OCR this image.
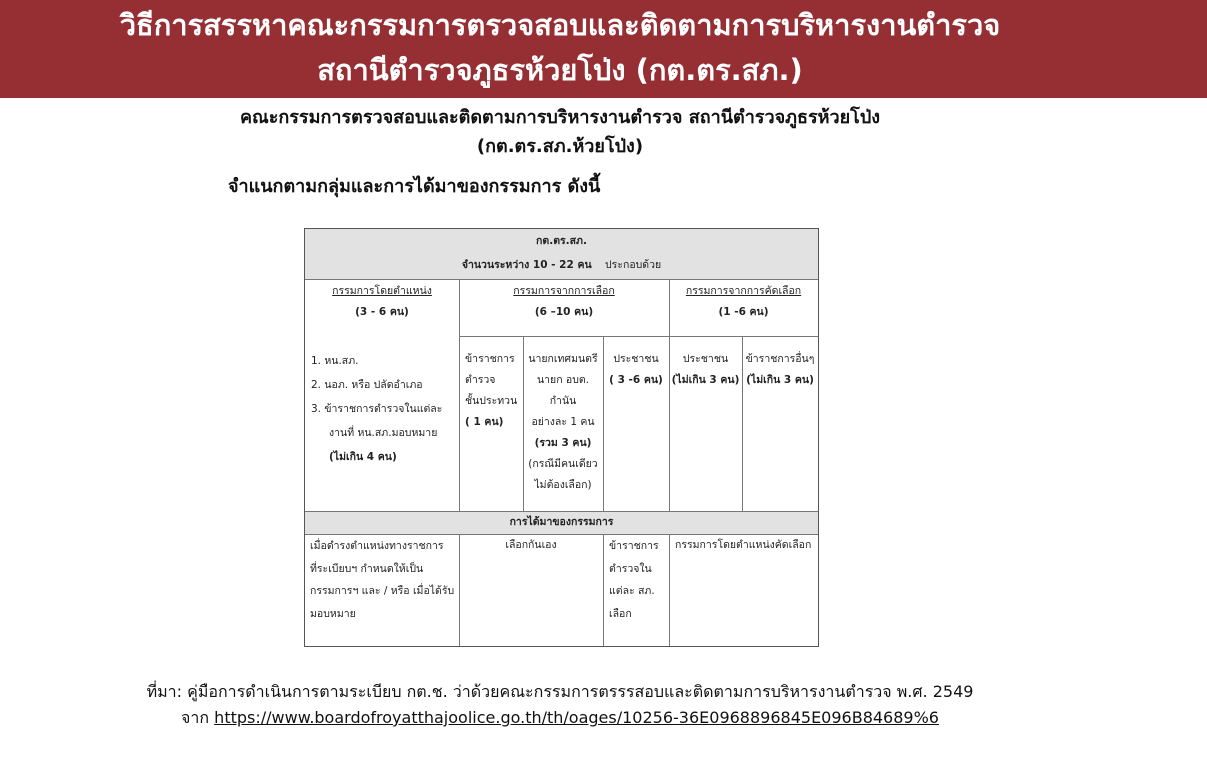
วิธีการสรรหาคณะกรรมการตรวจสอบและติดตามการบริหารงานตำรวจ
สถานีตำรวจภูธรห้วยโป่ง (กต.ตร.สภ.)
คณะกรรมการตรวจสอบและติดตามการบริหารงานตำรวจ สถานีตำรวจภูธรห้วยโป่ง
(กต.ตร.สภ.ห้วยโป่ง)
จำแนกตามกลุ่มและการได้มาของกรรมการ ดังนี้
กต.ตร.สภ.
จำนวนระหว่าง 10 - 22 คน ประกอบด้วย
กรรมการโดยตำแหน่ง
(3 - 6 คน)
กรรมการจากการเลือก
(6 –10 คน)
กรรมการจากการคัดเลือก
(1 -6 คน)
1. หน.สภ.
2. นอภ. หรือ ปลัดอำเภอ
3. ข้าราชการตำรวจในแต่ละ
งานที่ หน.สภ.มอบหมาย
(ไม่เกิน 4 คน)
ข้าราชการ
ตำรวจ
ชั้นประทวน
( 1 คน)
นายกเทศมนตรี
นายก อบต.
กำนัน
อย่างละ 1 คน
(รวม 3 คน)
(กรณีมีคนเดียว
ไม่ต้องเลือก)
ประชาชน
( 3 -6 คน)
ประชาชน
(ไม่เกิน 3 คน)
ข้าราชการอื่นๆ
(ไม่เกิน 3 คน)
การได้มาของกรรมการ
เมื่อดำรงตำแหน่งทางราชการ
ที่ระเบียบฯ กำหนดให้เป็น
กรรมการฯ และ / หรือ เมื่อได้รับ
มอบหมาย
เลือกกันเอง	ข้าราชการ
ตำรวจใน
แต่ละ สภ.
เลือก
กรรมการโดยตำแหน่งคัดเลือก
ที่มา: คู่มือการดำเนินการตามระเบียบ กต.ช. ว่าด้วยคณะกรรมการตรรรสอบและติดตามการบริหารงานตำรวจ พ.ศ. 2549
จาก https://www.boardofroyatthajoolice.go.th/th/oages/10256-36E0968896845E096B84689%6
